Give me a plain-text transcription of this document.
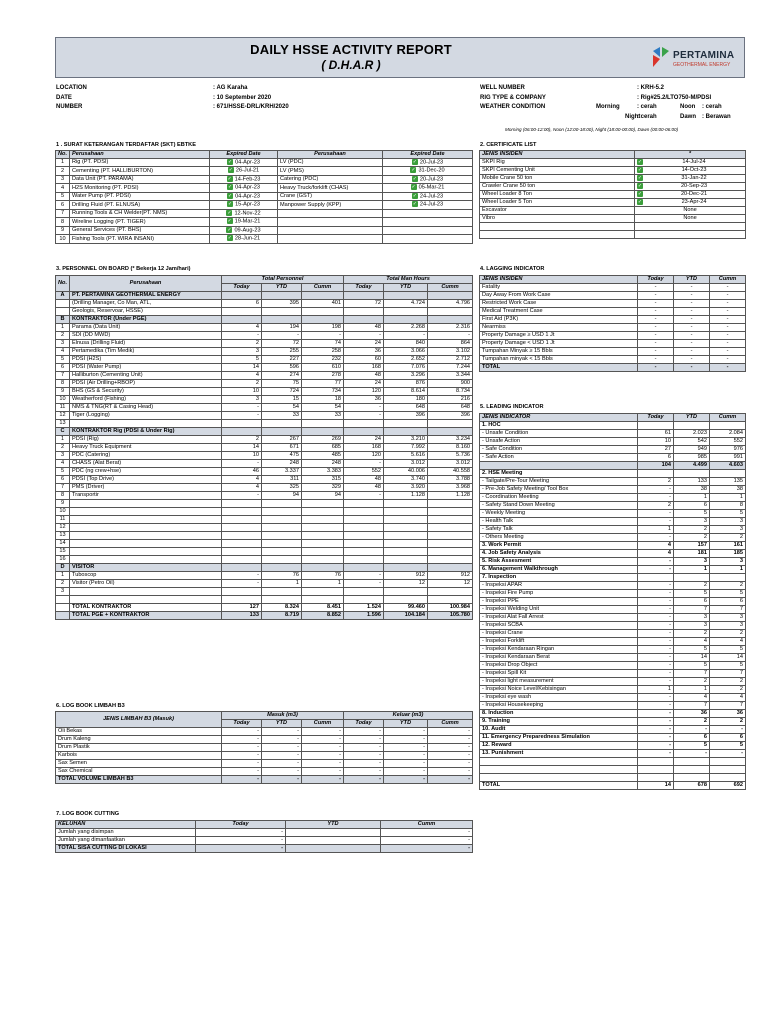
DAILY HSSE ACTIVITY REPORT
( D.H.A.R )
PERTAMINA
GEOTHERMAL ENERGY
LOCATION	: AG Karaha
DATE	: 10 September 2020
NUMBER	: 671/HSSE-DRL/KRH/2020
WELL NUMBER	: KRH-5.2
RIG TYPE & COMPANY	: Rig#25.2/LTO750-M/PDSI
WEATHER CONDITION	Morning	: cerah	Noon : cerah
Night
: cerah	Dawn : Berawan
Morning (06:00-12:00), Noon (12:00-18:00), Night (18:00-00:00), Dawn (00:00-06:00)
1 . SURAT KETERANGAN TERDAFTAR (SKT) EBTKE
No.	Perusahaan	Expired Date	Perusahaan	Expired Date
1	Rig (PT. PDSI)	✓ 04-Apr-23	LV (PDC)	✓ 20-Jul-23
2	Cementing (PT. HALLIBURTON)	✓ 26-Jul-21	LV (PMS)	✓ 31-Dec-20
3	Data Unit (PT. PARAMA)	✓ 14-Feb-23	Catering (PDC)	✓ 20-Jul-23
4	H2S Monitoring (PT. PDSI)	✓ 04-Apr-23	Heavy Truck/forklift (CHAS)	✓ 05-Mar-21
5	Water Pump (PT. PDSI)	✓ 04-Apr-23	Crane (GST)	✓ 24-Jul-23
6	Drilling Fluid (PT. ELNUSA)	✓ 15-Apr-23	Manpower Supply (KPP)	✓ 24-Jul-23
7	Running Tools & CH Welder(PT. NMS)	✓ 12-Nov-22		
8	Wireline Logging (PT. TIGER)	✓ 19-Mar-21		
9	General Services (PT. BHS)	✓ 09-Aug-23		
10	Fishing Tools (PT. WIRA INSANI)	✓ 28-Jun-21		
2. CERTIFICATE LIST
JENIS INSIDEN	*
SKPI Rig	✓ 14-Jul-24
SKPI Cementing Unit	✓ 14-Oct-23
Mobile Crane 50 ton	✓ 31-Jan-22
Crawler Crane 50 ton	✓ 20-Sep-23
Wheel Loader 8 Ton	✓ 20-Dec-21
Wheel Loader 5 Ton	✓ 23-Apr-24
Excavator	None
Vibro	None

3. PERSONNEL ON BOARD (* Bekerja 12 Jam/hari)
No.	Perusahaan	Total Personnel			Total Man Hours		
		Today	YTD	Cumm	Today	YTD	Cumm
A	PT. PERTAMINA GEOTHERMAL ENERGY						
	(Drilling Manager, Co Man, ATL,	6	395	401	72	4.724	4.796
	Geologis, Reservoar, HSSE)						
B	KONTRAKTOR (Under PGE)						
1	Parama (Data Unit)	4	194	198	48	2.268	2.316
2	SDI (DD MWD)	-	-	-	-	-	-
3	Elnusa (Drilling Fluid)	2	72	74	24	840	864
4	Pertamedika (Tim Medik)	3	255	258	36	3.066	3.102
5	PDSI (H2S)	5	227	232	60	2.652	2.712
6	PDSI (Water Pump)	14	596	610	168	7.076	7.244
7	Halliburton (Cementing Unit)	4	274	278	48	3.296	3.344
8	PDSI (Air Drilling+RBOP)	2	75	77	24	876	900
9	BHS (GS & Security)	10	724	734	120	8.614	8.734
10	Weatherford (Fishing)	3	15	18	36	180	216
11	NMS & TNG(RT & Casing Head)	-	54	54	-	648	648
12	Tiger (Logging)	-	33	33	-	396	396
13							
C	KONTRAKTOR Rig (PDSI & Under Rig)						
1	PDSI (Rig)	2	267	269	24	3.210	3.234
2	Heavy Truck Equipment	14	671	685	168	7.992	8.160
3	PDC (Catering)	10	475	485	120	5.616	5.736
4	CHASS (Alat Berat)	-	248	248	-	3.012	3.012
5	PDC (ng crew+hse)	46	3.337	3.383	552	40.006	40.558
6	PDSI (Top Drive)	4	311	315	48	3.740	3.788
7	PMS (Driver)	4	325	329	48	3.920	3.968
8	Transportir	-	94	94	-	1.128	1.128
9							
10							
11							
12							
13							
14							
15							
16							
D	VISITOR						
1	Tuboscop	-	76	76	-	912	912
2	Visitor (Petro Oil)	-	1	1	-	12	12
3							

	TOTAL KONTRAKTOR	127	8.324	8.451	1.524	99.460	100.984
	TOTAL PGE + KONTRAKTOR	133	8.719	8.852	1.596	104.184	105.780
4. LAGGING INDICATOR
JENIS INSIDEN	Today	YTD	Cumm
Fatality	-	-	-
Day Away From Work Case	-	-	-
Restricted Work Case	-	-	-
Medical Treatment Case	-	-	-
First Aid (P3K)	-	-	-
Nearmiss	-	-	-
Property Damage ≥ USD 1 Jt	-	-	-
Property Damage < USD 1 Jt	-	-	-
Tumpahan Minyak ≥ 15 Bbls	-	-	-
Tumpahan minyak < 15 Bbls	-	-	-
TOTAL	-	-	-
5. LEADING INDICATOR
JENIS INDICATOR	Today	YTD	Cumm
1. HOC			
- Unsafe Condition	61	2.023	2.084
- Unsafe Action	10	542	552
- Safe Condition	27	949	976
- Safe Action	6	985	991
	104	4.499	4.603
2. HSE Meeting			
- Tailgate/Pre-Tour Meeting	2	133	135
- Pre-Job Safety Meeting/ Tool Box	-	38	38
- Coordination Meeting	-	1	1
- Safety Stand Down Meeting	2	6	8
- Weekly Meeting	-	5	5
- Health Talk	-	3	3
- Safety Talk	1	2	3
- Others Meeting	-	2	2
3. Work Permit	4	157	161
4. Job Safety Analysis	4	181	185
5. Risk Assesment	-	3	3
6. Management Walkthrough	-	1	1
7. Inspection			
- Inspeksi APAR	-	2	2
- Inspeksi Fire Pump	-	5	5
- Inspeksi PPE	-	6	6
- Inspeksi Welding Unit	-	7	7
- Inspeksi Alat Fall Arrest	-	3	3
- Inspeksi SCBA	-	3	3
- Inspeksi Crane	-	2	2
- Inspeksi Forklift	-	4	4
- Inspeksi Kendaraan Ringan	-	5	5
- Inspeksi Kendaraan Berat	-	14	14
- Inspeksi Drop Object	-	5	5
- Inspeksi Spill Kit	-	7	7
- Inspeksi light measurement	-	2	2
- Inspeksi Noice Level/Kebisingan	1	1	2
- Inspeksi eye wash	-	4	4
- Inspeksi Housekeeping	-	7	7
8. Induction	-	36	36
9. Training	-	2	2
10. Audit	-	-	-
11. Emergency Preparedness Simulation	-	6	6
12. Reward	-	5	5
13. Punishment	-	-	-

TOTAL	14	678	692
6. LOG BOOK LIMBAH B3
JENIS LIMBAH B3 (Masuk)	Masuk (m3)			Keluar (m3)		
	Today	YTD	Cumm	Today	YTD	Cumm
Oli Bekas	-	-	-	-	-	-
Drum Kaleng	-	-	-	-	-	-
Drum Plastik	-	-	-	-	-	-
Karbois	-	-	-	-	-	-
Sax Semen	-	-	-	-	-	-
Sax Chemical	-	-	-	-	-	-
TOTAL VOLUME LIMBAH B3	-	-	-	-	-	-
7. LOG BOOK CUTTING
KELUHAN	Today	YTD	Cumm
Jumlah yang disimpan	-		-
Jumlah yang dimanfaatkan	-		-
TOTAL SISA CUTTING DI LOKASI	-		-
